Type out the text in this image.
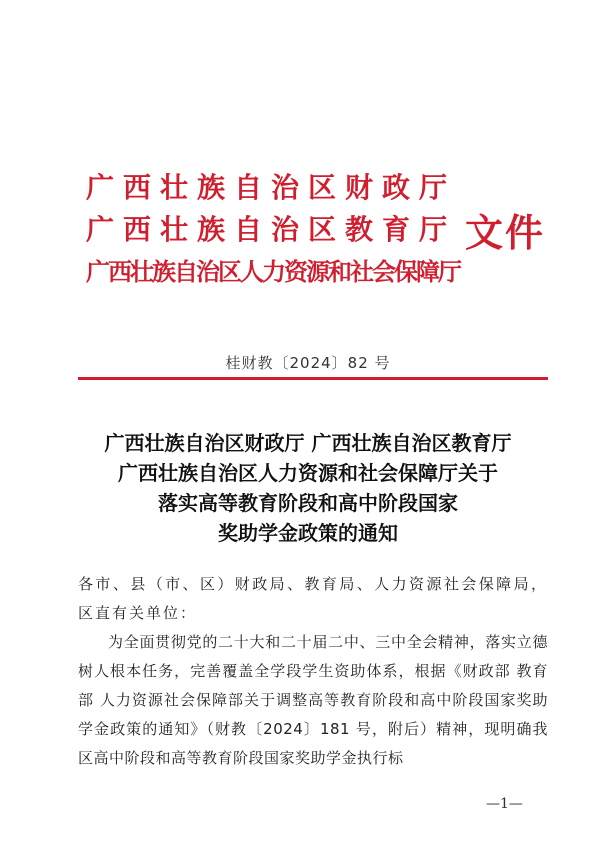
广西壮族自治区财政厅
广西壮族自治区教育厅
广西壮族自治区人力资源和社会保障厅
文件
桂财教〔2024〕82 号
广西壮族自治区财政厅 广西壮族自治区教育厅
广西壮族自治区人力资源和社会保障厅关于
落实高等教育阶段和高中阶段国家
奖助学金政策的通知
各市、县（市、区）财政局、教育局、人力资源社会保障局，区直有关单位：
为全面贯彻党的二十大和二十届二中、三中全会精神，落实立德树人根本任务，完善覆盖全学段学生资助体系，根据《财政部 教育部 人力资源社会保障部关于调整高等教育阶段和高中阶段国家奖助学金政策的通知》（财教〔2024〕181 号，附后）精神，现明确我区高中阶段和高等教育阶段国家奖助学金执行标
—1—
